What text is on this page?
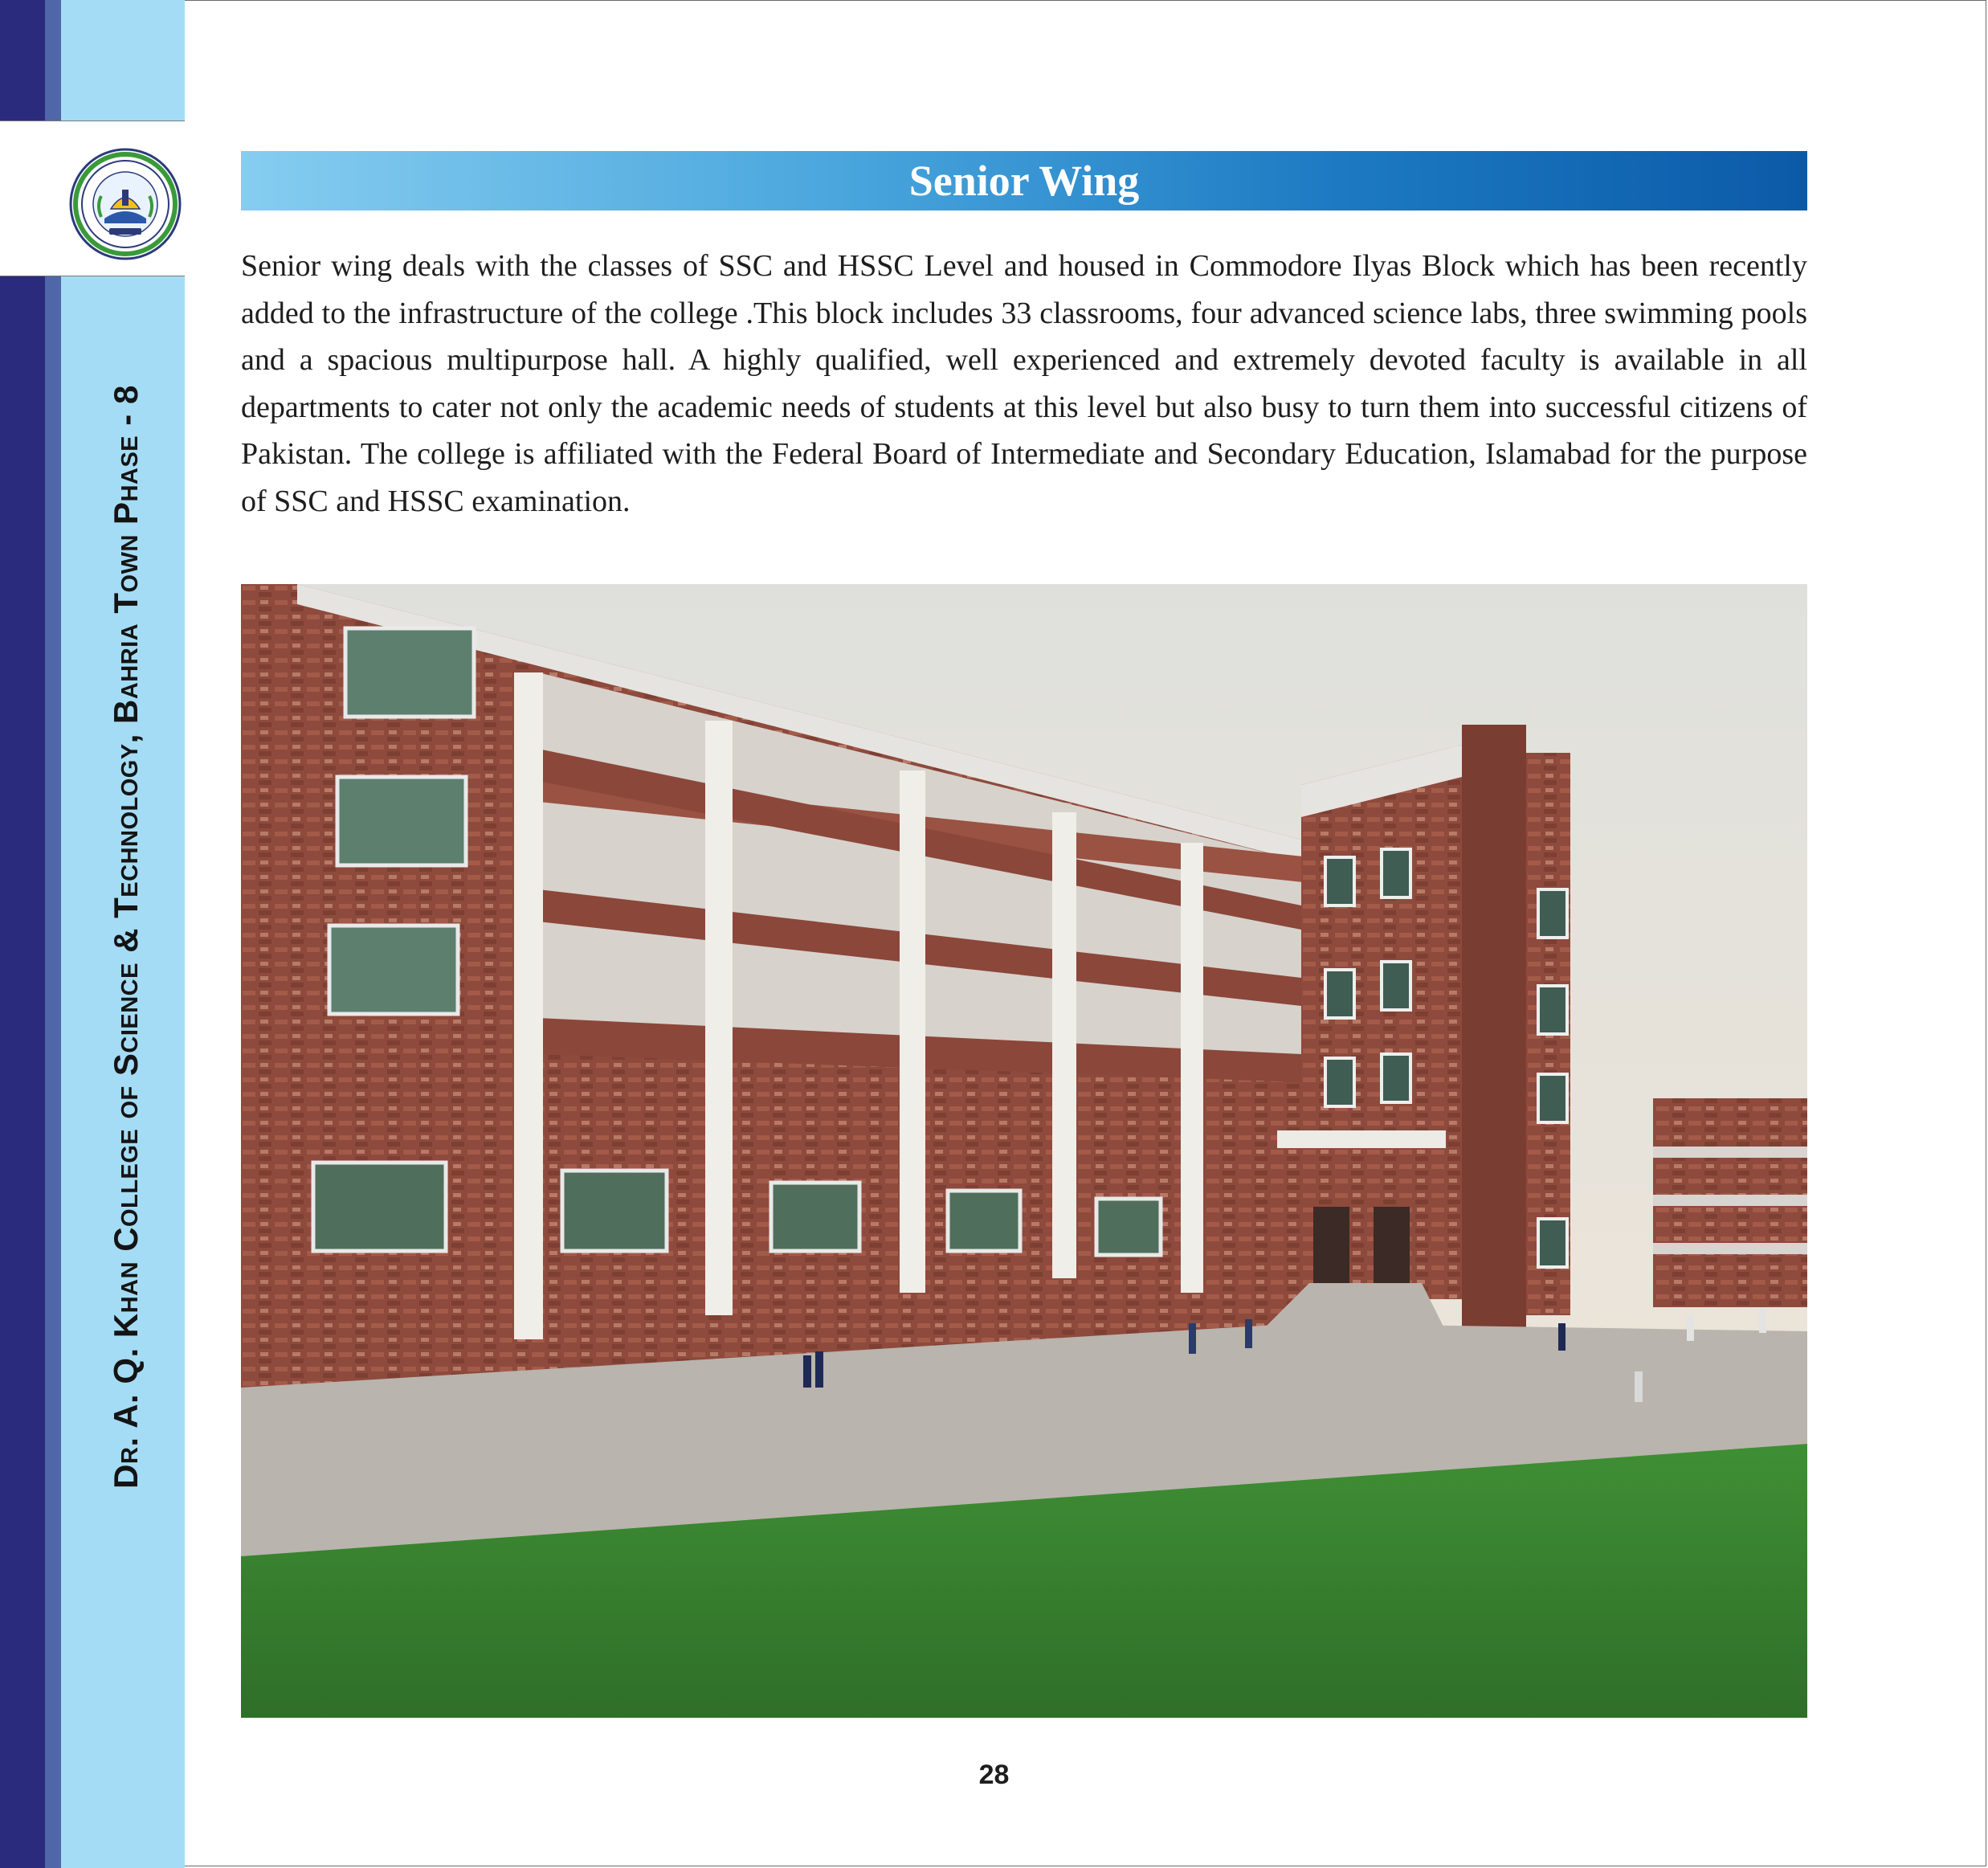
Dr. A. Q. Khan College of Science & Technology, Bahria Town Phase - 8
Senior Wing

Senior wing deals with the classes of SSC and HSSC Level and housed in Commodore Ilyas Block which has been recently added to the infrastructure of the college .This block includes 33 classrooms, four advanced science labs, three swimming pools and a spacious multipurpose hall. A highly qualified, well experienced and extremely devoted faculty is available in all departments to cater not only the academic needs of students at this level but also busy to turn them into successful citizens of Pakistan. The college is affiliated with the Federal Board of Intermediate and Secondary Education, Islamabad for the purpose of SSC and HSSC examination.

28
